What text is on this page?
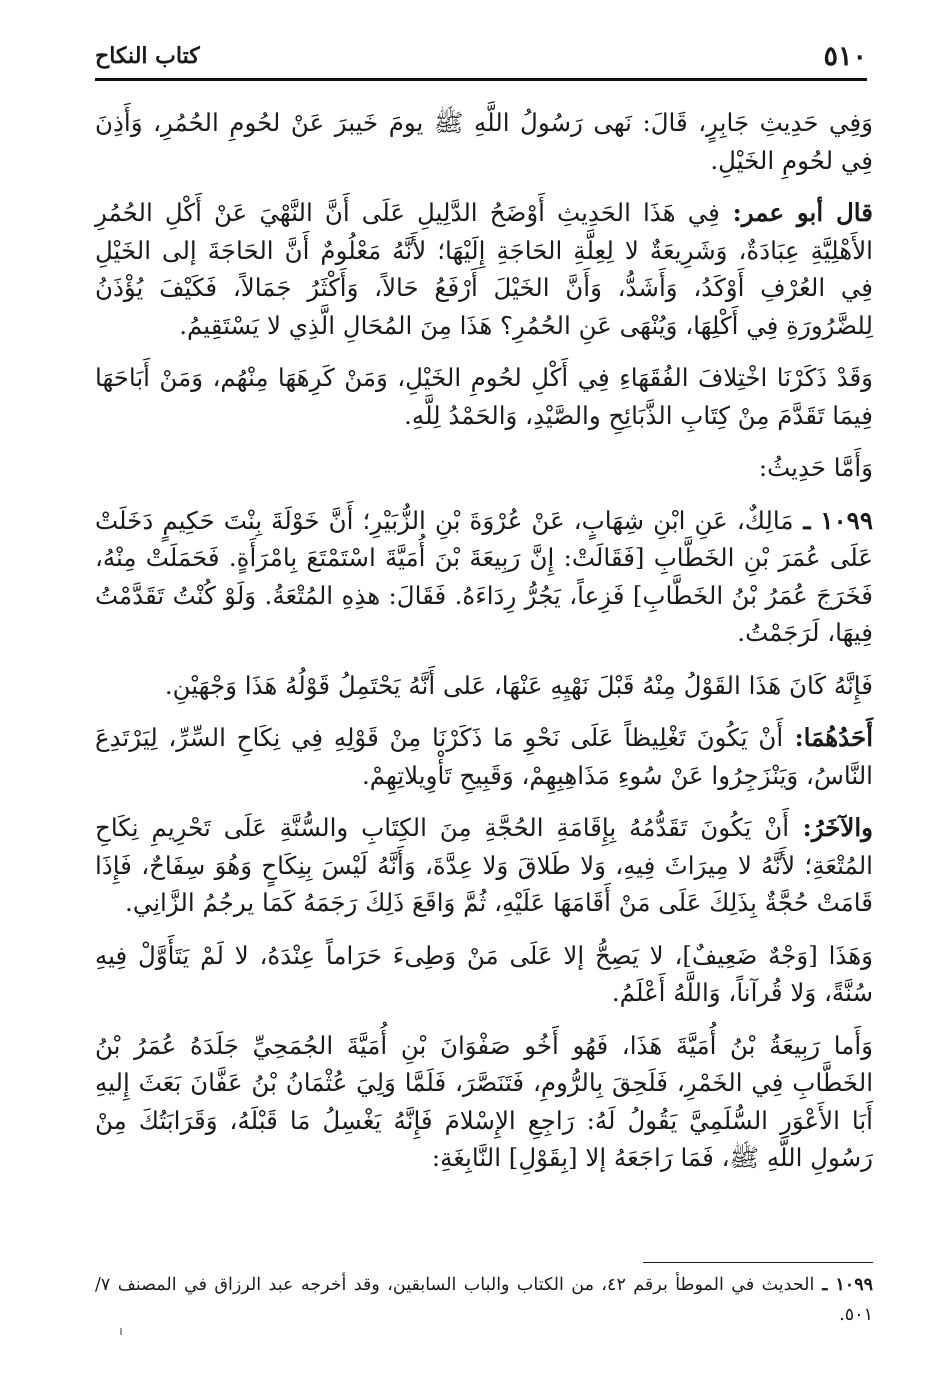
٥١٠
كتاب النكاح

وَفِي حَدِيثِ جَابِرٍ، قَالَ: نَهى رَسُولُ اللَّهِ ﷺ يومَ خَيبرَ عَنْ لحُومِ الحُمُرِ، وَأَذِنَ فِي لحُومِ الخَيْلِ.

قال أبو عمر: فِي هَذَا الحَدِيثِ أَوْضَحُ الدَّلِيلِ عَلَى أَنَّ النَّهْيَ عَنْ أَكْلِ الحُمُرِ الأَهْلِيَّةِ عِبَادَةٌ، وَشَرِيعَةٌ لا لِعِلَّةِ الحَاجَةِ إِلَيْهَا؛ لأَنَّهُ مَعْلُومٌ أَنَّ الحَاجَةَ إلى الخَيْلِ فِي العُرْفِ أَوْكَدُ، وَأَشَدُّ، وَأَنَّ الخَيْلَ أَرْفَعُ حَالاً، وَأَكْثَرُ جَمَالاً، فَكَيْفَ يُؤْذَنُ لِلضَّرُورَةِ فِي أَكْلِهَا، وَيُنْهَى عَنِ الحُمُرِ؟ هَذَا مِنَ المُحَالِ الَّذِي لا يَسْتَقِيمُ.

وَقَدْ ذَكَرْنَا اخْتِلافَ الفُقَهَاءِ فِي أَكْلِ لحُومِ الخَيْلِ، وَمَنْ كَرِهَهَا مِنْهُم، وَمَنْ أَبَاحَهَا فِيمَا تَقَدَّمَ مِنْ كِتَابِ الذَّبَائِحِ والصَّيْدِ، وَالحَمْدُ لِلَّهِ.

وَأَمَّا حَدِيثُ:

١٠٩٩ ـ مَالِكٌ، عَنِ ابْنِ شِهَابٍ، عَنْ عُرْوَةَ بْنِ الزُّبَيْرِ؛ أَنَّ خَوْلَةَ بِنْتَ حَكِيمٍ دَخَلَتْ عَلَى عُمَرَ بْنِ الخَطَّابِ [فَقَالَتْ: إِنَّ رَبِيعَةَ بْنَ أُمَيَّةَ اسْتَمْتَعَ بِامْرَأَةٍ. فَحَمَلَتْ مِنْهُ، فَخَرَجَ عُمَرُ بْنُ الخَطَّابِ] فَزِعاً، يَجُرُّ رِدَاءَهُ. فَقَالَ: هذِهِ المُتْعَةُ. وَلَوْ كُنْتُ تَقَدَّمْتُ فِيهَا، لَرَجَمْتُ.

فَإِنَّهُ كَانَ هَذَا القَوْلُ مِنْهُ قَبْلَ نَهْيِهِ عَنْهَا، عَلى أَنَّهُ يَحْتَمِلُ قَوْلُهُ هَذَا وَجْهَيْنِ.

أَحَدُهُمَا: أَنْ يَكُونَ تَغْلِيظاً عَلَى نَحْوِ مَا ذَكَرْنَا مِنْ قَوْلِهِ فِي نِكَاحِ السِّرِّ، لِيَرْتَدِعَ النَّاسُ، وَيَنْزَجِرُوا عَنْ سُوءِ مَذَاهِبِهِمْ، وَقَبِيحِ تَأْوِيلاتِهِمْ.

والآخَرُ: أَنْ يَكُونَ تَقَدُّمُهُ بِإِقَامَةِ الحُجَّةِ مِنَ الكِتَابِ والسُّنَّةِ عَلَى تَحْرِيمِ نِكَاحِ المُتْعَةِ؛ لأَنَّهُ لا مِيرَاثَ فِيهِ، وَلا طَلاقَ وَلا عِدَّةَ، وَأَنَّهُ لَيْسَ بِنِكَاحٍ وَهُوَ سِفَاحٌ، فَإِذَا قَامَتْ حُجَّةٌ بِذَلِكَ عَلَى مَنْ أَقَامَهَا عَلَيْهِ، ثُمَّ وَاقَعَ ذَلِكَ رَجَمَهُ كَمَا يرجُمُ الزَّانِي.

وَهَذَا [وَجْهٌ ضَعِيفٌ]، لا يَصِحُّ إلا عَلَى مَنْ وَطِىءَ حَرَاماً عِنْدَهُ، لا لَمْ يَتَأَوَّلْ فِيهِ سُنَّةً، وَلا قُرآناً، وَاللَّهُ أَعْلَمُ.

وَأَما رَبِيعَةُ بْنُ أُمَيَّةَ هَذَا، فَهُو أَخُو صَفْوَانَ بْنِ أُمَيَّةَ الجُمَحِيِّ جَلَدَهُ عُمَرُ بْنُ الخَطَّابِ فِي الخَمْرِ، فَلَحِقَ بِالرُّومِ، فَتَنَصَّرَ، فَلَمَّا وَلِيَ عُثْمَانُ بْنُ عَفَّانَ بَعَثَ إِليهِ أَبَا الأَعْوَرِ السُّلَمِيَّ يَقُولُ لَهُ: رَاجِعِ الإِسْلامَ فَإِنَّهُ يَغْسِلُ مَا قَبْلَهُ، وَقَرَابَتُكَ مِنْ رَسُولِ اللَّهِ ﷺ، فَمَا رَاجَعَهُ إلا [بِقَوْلِ] النَّابِغَةِ:

١٠٩٩ ـ الحديث في الموطأ برقم ٤٢، من الكتاب والباب السابقين، وقد أخرجه عبد الرزاق في المصنف ٧/ ٥٠١.
